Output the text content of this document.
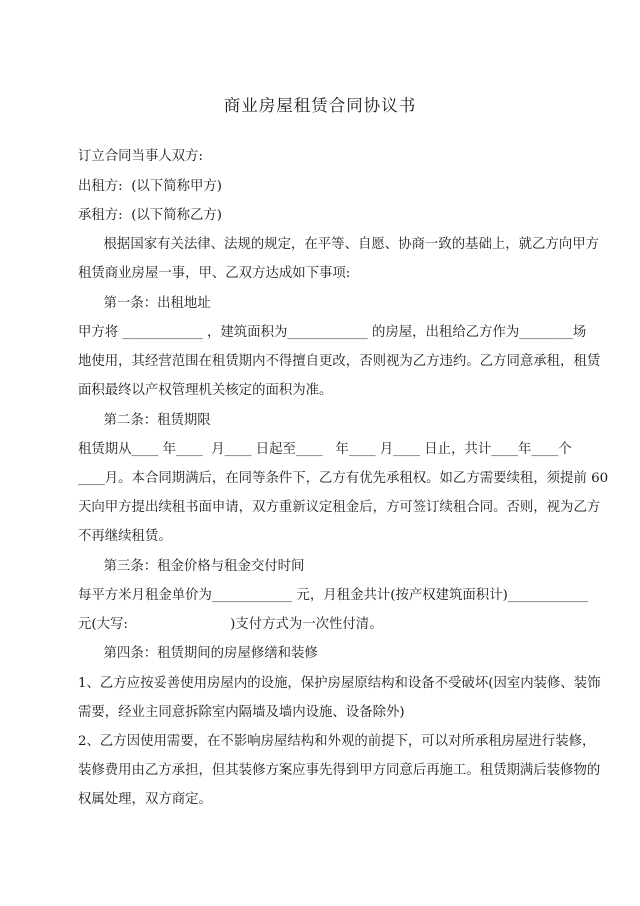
商业房屋租赁合同协议书
订立合同当事人双方:
出租方:  (以下简称甲方)
承租方:  (以下简称乙方)
根据国家有关法律、法规的规定，在平等、自愿、协商一致的基础上，就乙方向甲方
租赁商业房屋一事，甲、乙双方达成如下事项:
第一条：出租地址
甲方将 ____________ ，建筑面积为____________ 的房屋，出租给乙方作为________场
地使用，其经营范围在租赁期内不得擅自更改，否则视为乙方违约。乙方同意承租，租赁
面积最终以产权管理机关核定的面积为准。
第二条：租赁期限
租赁期从____ 年____  月____ 日起至____   年____ 月____ 日止，共计____年____个
____月。本合同期满后，在同等条件下，乙方有优先承租权。如乙方需要续租，须提前 60
天向甲方提出续租书面申请，双方重新议定租金后，方可签订续租合同。否则，视为乙方
不再继续租赁。
第三条：租金价格与租金交付时间
每平方米月租金单价为____________ 元，月租金共计(按产权建筑面积计)____________
元(大写:                        )支付方式为一次性付清。
第四条：租赁期间的房屋修缮和装修
1、乙方应按妥善使用房屋内的设施，保护房屋原结构和设备不受破坏(因室内装修、装饰
需要，经业主同意拆除室内隔墙及墙内设施、设备除外)
2、乙方因使用需要，在不影响房屋结构和外观的前提下，可以对所承租房屋进行装修，
装修费用由乙方承担，但其装修方案应事先得到甲方同意后再施工。租赁期满后装修物的
权属处理，双方商定。
